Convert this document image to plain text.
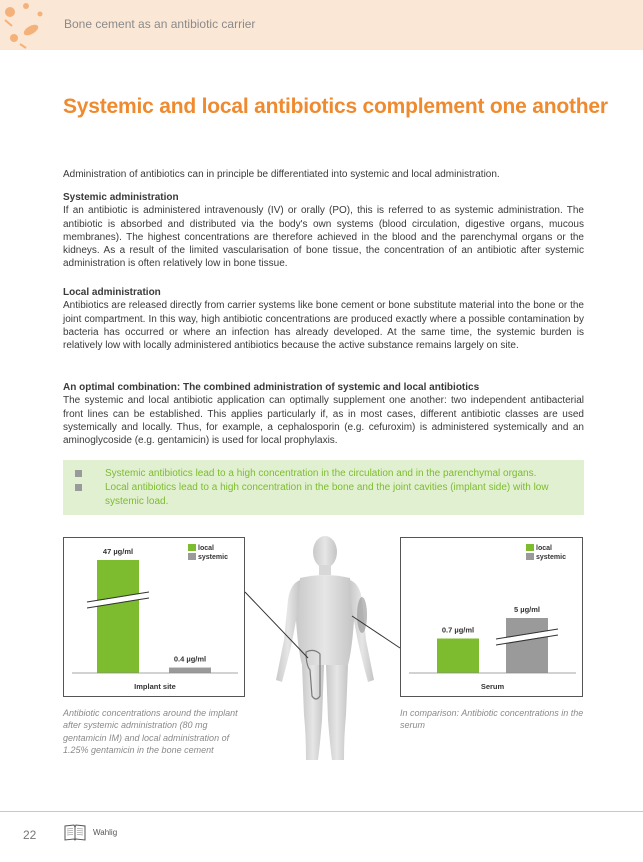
Bone cement as an antibiotic carrier
Systemic and local antibiotics complement one another

Administration of antibiotics can in principle be differentiated into systemic and local administration.

Systemic administration
If an antibiotic is administered intravenously (IV) or orally (PO), this is referred to as systemic administration. The antibiotic is absorbed and distributed via the body's own systems (blood circulation, digestive organs, mucous membranes). The highest concentrations are therefore achieved in the blood and the parenchymal organs or the kidneys. As a result of the limited vascularisation of bone tissue, the concentration of an antibiotic after systemic administration is often relatively low in bone tissue.
Local administration
Antibiotics are released directly from carrier systems like bone cement or bone substitute material into the bone or the joint compartment. In this way, high antibiotic concentrations are produced exactly where a possible contamination by bacteria has occurred or where an infection has already developed. At the same time, the systemic burden is relatively low with locally administered antibiotics because the active substance remains largely on site.
An optimal combination: The combined administration of systemic and local antibiotics
The systemic and local antibiotic application can optimally supplement one another: two independent antibacterial front lines can be established. This applies particularly if, as in most cases, different antibiotic classes are used systemically and locally. Thus, for example, a cephalosporin (e.g. cefuroxim) is administered systemically and an aminoglycoside (e.g. gentamicin) is used for local prophylaxis.
Systemic antibiotics lead to a high concentration in the circulation and in the parenchymal organs.
Local antibiotics lead to a high concentration in the bone and the joint cavities (implant side) with low systemic load.
47 µg/ml
0.4 µg/ml
Implant site
local
systemic
0.7 µg/ml
5 µg/ml
Serum
local
systemic

Antibiotic concentrations around the implant after systemic administration (80 mg gentamicin IM) and local administration of 1.25% gentamicin in the bone cement

In comparison: Antibiotic concentrations in the serum

22	Wahlig
